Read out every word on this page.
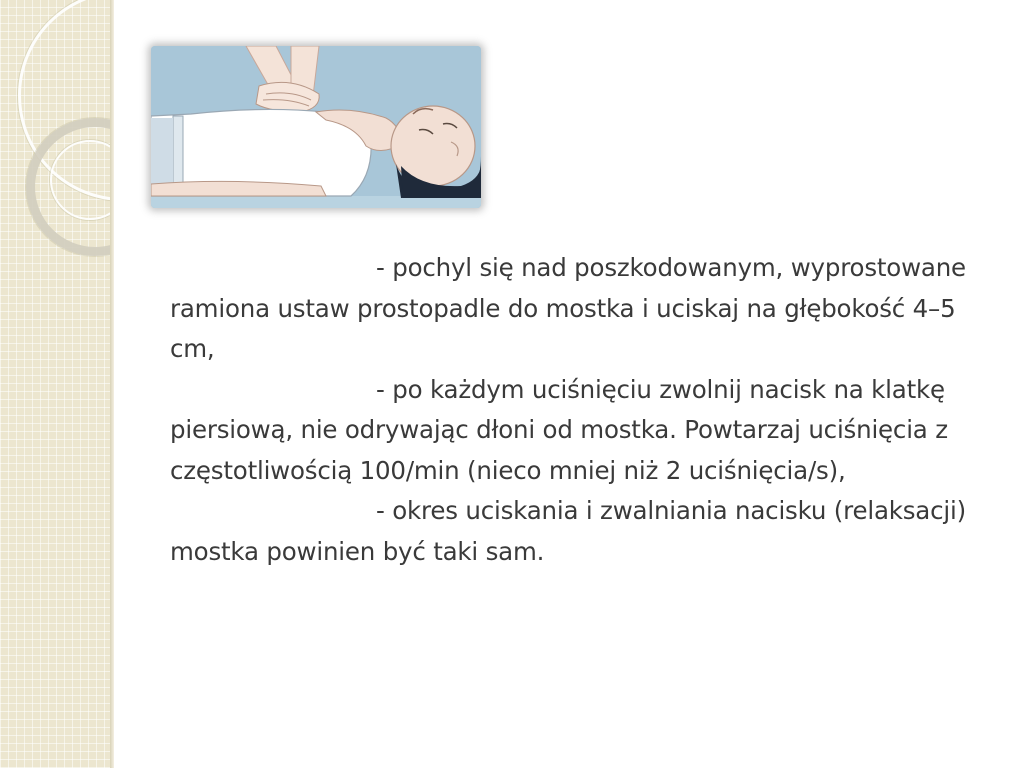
- pochyl się nad poszkodowanym, wyprostowane ramiona ustaw prostopadle do mostka i uciskaj na głębokość 4–5 cm,

- po każdym uciśnięciu zwolnij nacisk na klatkę piersiową, nie odrywając dłoni od mostka. Powtarzaj uciśnięcia z częstotliwością 100/min (nieco mniej niż 2 uciśnięcia/s),

- okres uciskania i zwalniania nacisku (relaksacji) mostka powinien być taki sam.
